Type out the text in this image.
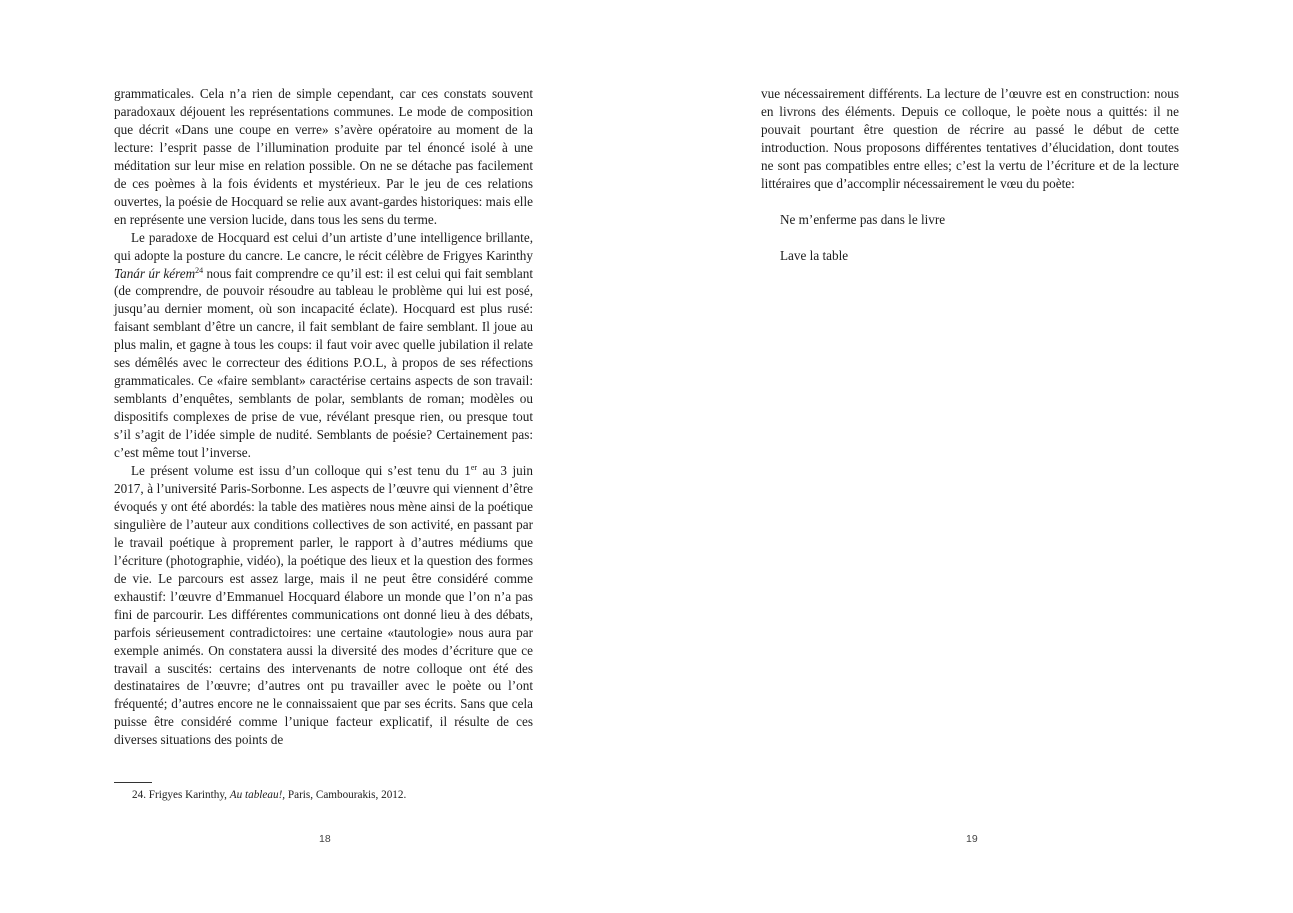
grammaticales. Cela n’a rien de simple cependant, car ces constats souvent paradoxaux déjouent les représentations communes. Le mode de composition que décrit «Dans une coupe en verre» s’avère opératoire au moment de la lecture: l’esprit passe de l’illumination produite par tel énoncé isolé à une méditation sur leur mise en relation possible. On ne se détache pas facilement de ces poèmes à la fois évidents et mystérieux. Par le jeu de ces relations ouvertes, la poésie de Hocquard se relie aux avant-gardes historiques: mais elle en représente une version lucide, dans tous les sens du terme.

Le paradoxe de Hocquard est celui d’un artiste d’une intelligence brillante, qui adopte la posture du cancre. Le cancre, le récit célèbre de Frigyes Karinthy Tanár úr kérem$^{24}$ nous fait comprendre ce qu’il est: il est celui qui fait semblant (de comprendre, de pouvoir résoudre au tableau le problème qui lui est posé, jusqu’au dernier moment, où son incapacité éclate). Hocquard est plus rusé: faisant semblant d’être un cancre, il fait semblant de faire semblant. Il joue au plus malin, et gagne à tous les coups: il faut voir avec quelle jubilation il relate ses démêlés avec le correcteur des éditions P.O.L, à propos de ses réfections grammaticales. Ce «faire semblant» caractérise certains aspects de son travail: semblants d’enquêtes, semblants de polar, semblants de roman; modèles ou dispositifs complexes de prise de vue, révélant presque rien, ou presque tout s’il s’agit de l’idée simple de nudité. Semblants de poésie? Certainement pas: c’est même tout l’inverse.

Le présent volume est issu d’un colloque qui s’est tenu du 1er au 3 juin 2017, à l’université Paris-Sorbonne. Les aspects de l’œuvre qui viennent d’être évoqués y ont été abordés: la table des matières nous mène ainsi de la poétique singulière de l’auteur aux conditions collectives de son activité, en passant par le travail poétique à proprement parler, le rapport à d’autres médiums que l’écriture (photographie, vidéo), la poétique des lieux et la question des formes de vie. Le parcours est assez large, mais il ne peut être considéré comme exhaustif: l’œuvre d’Emmanuel Hocquard élabore un monde que l’on n’a pas fini de parcourir. Les différentes communications ont donné lieu à des débats, parfois sérieusement contradictoires: une certaine «tautologie» nous aura par exemple animés. On constatera aussi la diversité des modes d’écriture que ce travail a suscités: certains des intervenants de notre colloque ont été des destinataires de l’œuvre; d’autres ont pu travailler avec le poète ou l’ont fréquenté; d’autres encore ne le connaissaient que par ses écrits. Sans que cela puisse être considéré comme l’unique facteur explicatif, il résulte de ces diverses situations des points de

24. Frigyes Karinthy, Au tableau!, Paris, Cambourakis, 2012.
18

vue nécessairement différents. La lecture de l’œuvre est en construction: nous en livrons des éléments. Depuis ce colloque, le poète nous a quittés: il ne pouvait pourtant être question de récrire au passé le début de cette introduction. Nous proposons différentes tentatives d’élucidation, dont toutes ne sont pas compatibles entre elles; c’est la vertu de l’écriture et de la lecture littéraires que d’accomplir nécessairement le vœu du poète:

Ne m’enferme pas dans le livre
Lave la table
19
